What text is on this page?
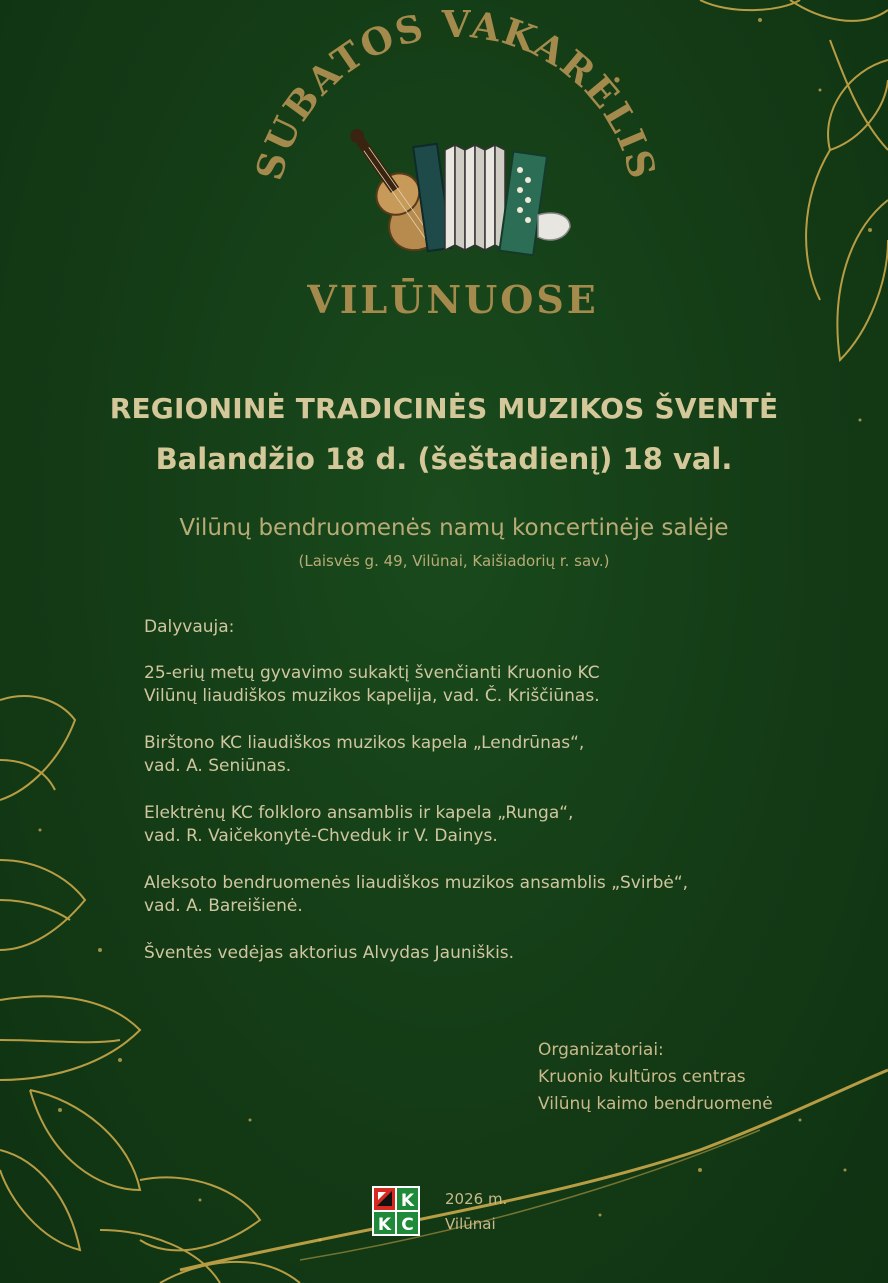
SUBATOS VAKARĖLIS
VILŪNUOSE
REGIONINĖ TRADICINĖS MUZIKOS ŠVENTĖ
Balandžio 18 d. (šeštadienį) 18 val.

Vilūnų bendruomenės namų koncertinėje salėje

(Laisvės g. 49, Vilūnai, Kaišiadorių r. sav.)

Dalyvauja:

25-erių metų gyvavimo sukaktį švenčianti Kruonio KC
Vilūnų liaudiškos muzikos kapelija, vad. Č. Kriščiūnas.

Birštono KC liaudiškos muzikos kapela „Lendrūnas“,
vad. A. Seniūnas.

Elektrėnų KC folkloro ansamblis ir kapela „Runga“,
vad. R. Vaičekonytė-Chveduk ir V. Dainys.

Aleksoto bendruomenės liaudiškos muzikos ansamblis „Svirbė“,
vad. A. Bareišienė.

Šventės vedėjas aktorius Alvydas Jauniškis.

Organizatoriai:
Kruonio kultūros centras
Vilūnų kaimo bendruomenė
K
K C
2026 m.
Vilūnai
